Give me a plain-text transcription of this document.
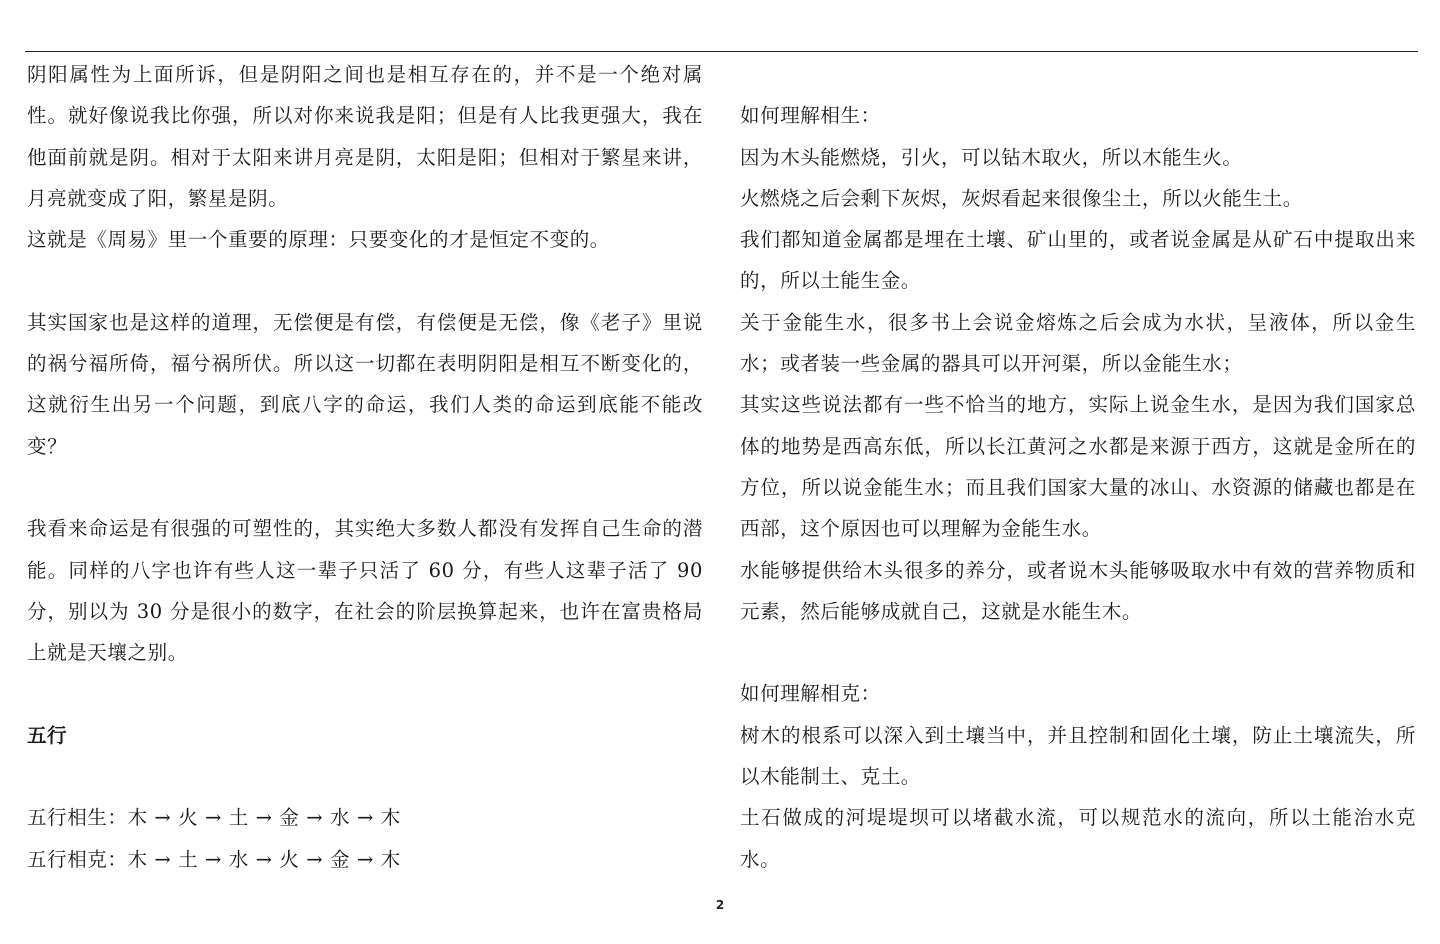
阴阳属性为上面所诉，但是阴阳之间也是相互存在的，并不是一个绝对属性。就好像说我比你强，所以对你来说我是阳；但是有人比我更强大，我在他面前就是阴。相对于太阳来讲月亮是阴，太阳是阳；但相对于繁星来讲，月亮就变成了阳，繁星是阴。

这就是《周易》里一个重要的原理：只要变化的才是恒定不变的。

其实国家也是这样的道理，无偿便是有偿，有偿便是无偿，像《老子》里说的祸兮福所倚，福兮祸所伏。所以这一切都在表明阴阳是相互不断变化的，这就衍生出另一个问题，到底八字的命运，我们人类的命运到底能不能改变？

我看来命运是有很强的可塑性的，其实绝大多数人都没有发挥自己生命的潜能。同样的八字也许有些人这一辈子只活了 60 分，有些人这辈子活了 90 分，别以为 30 分是很小的数字，在社会的阶层换算起来，也许在富贵格局上就是天壤之别。

五行

五行相生：木 → 火 → 土 → 金 → 水 → 木

五行相克：木 → 土 → 水 → 火 → 金 → 木

如何理解相生：

因为木头能燃烧，引火，可以钻木取火，所以木能生火。

火燃烧之后会剩下灰烬，灰烬看起来很像尘土，所以火能生土。

我们都知道金属都是埋在土壤、矿山里的，或者说金属是从矿石中提取出来的，所以土能生金。

关于金能生水，很多书上会说金熔炼之后会成为水状，呈液体，所以金生水；或者装一些金属的器具可以开河渠，所以金能生水；

其实这些说法都有一些不恰当的地方，实际上说金生水，是因为我们国家总体的地势是西高东低，所以长江黄河之水都是来源于西方，这就是金所在的方位，所以说金能生水；而且我们国家大量的冰山、水资源的储藏也都是在西部，这个原因也可以理解为金能生水。

水能够提供给木头很多的养分，或者说木头能够吸取水中有效的营养物质和元素，然后能够成就自己，这就是水能生木。

如何理解相克：

树木的根系可以深入到土壤当中，并且控制和固化土壤，防止土壤流失，所以木能制土、克土。

土石做成的河堤堤坝可以堵截水流，可以规范水的流向，所以土能治水克水。

2
